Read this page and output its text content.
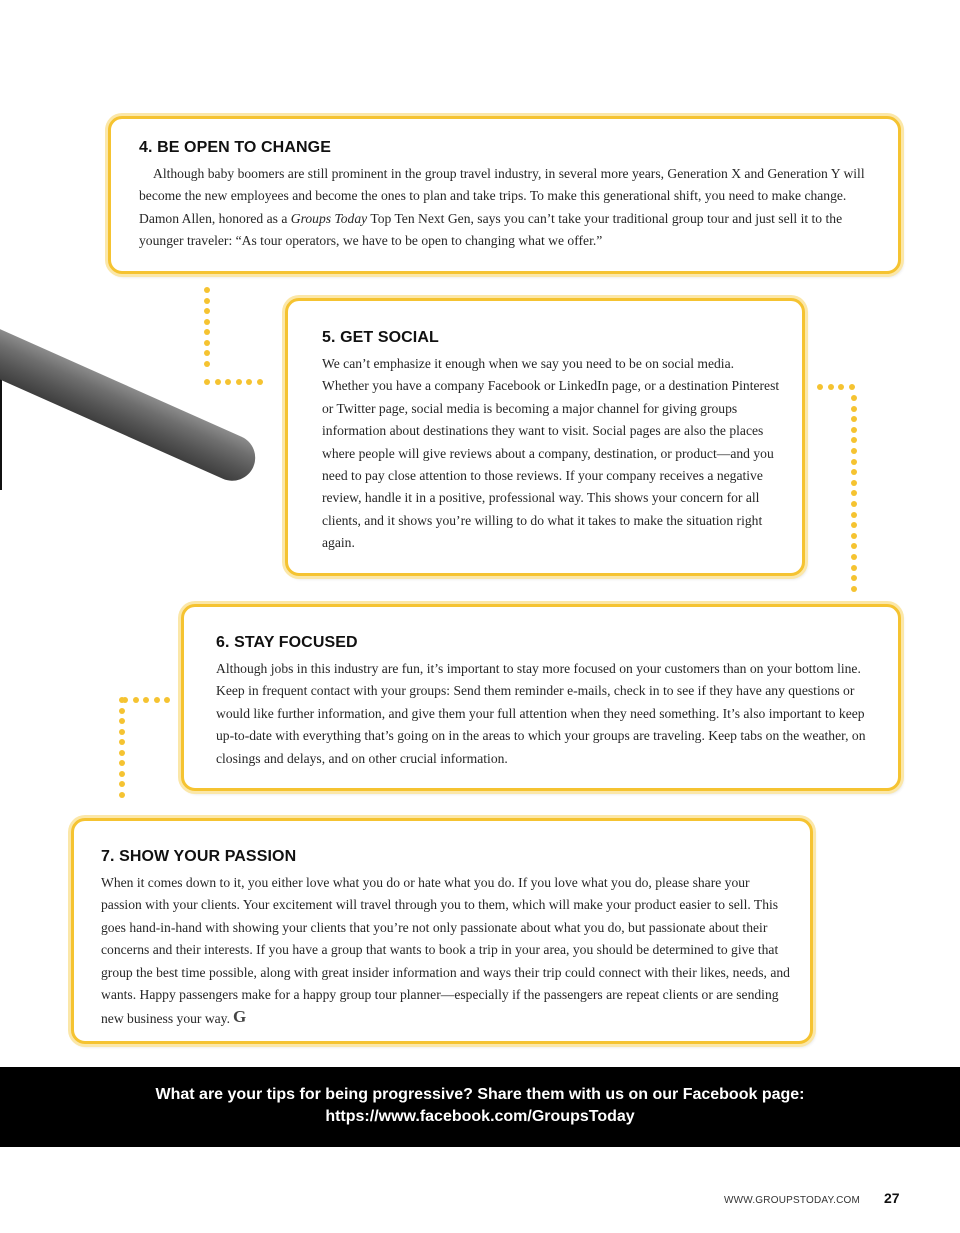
4. BE OPEN TO CHANGE

Although baby boomers are still prominent in the group travel industry, in several more years, Generation X and Generation Y will become the new employees and become the ones to plan and take trips. To make this generational shift, you need to make change. Damon Allen, honored as a Groups Today Top Ten Next Gen, says you can’t take your traditional group tour and just sell it to the younger traveler: “As tour operators, we have to be open to changing what we offer.”

5. GET SOCIAL

We can’t emphasize it enough when we say you need to be on social media. Whether you have a company Facebook or LinkedIn page, or a destination Pinterest or Twitter page, social media is becoming a major channel for giving groups information about destinations they want to visit. Social pages are also the places where people will give reviews about a company, destination, or product—and you need to pay close attention to those reviews. If your company receives a negative review, handle it in a positive, professional way. This shows your concern for all clients, and it shows you’re willing to do what it takes to make the situation right again.

6. STAY FOCUSED

Although jobs in this industry are fun, it’s important to stay more focused on your customers than on your bottom line. Keep in frequent contact with your groups: Send them reminder e-mails, check in to see if they have any questions or would like further information, and give them your full attention when they need something. It’s also important to keep up-to-date with everything that’s going on in the areas to which your groups are traveling. Keep tabs on the weather, on closings and delays, and on other crucial information.

7. SHOW YOUR PASSION

When it comes down to it, you either love what you do or hate what you do. If you love what you do, please share your passion with your clients. Your excitement will travel through you to them, which will make your product easier to sell. This goes hand-in-hand with showing your clients that you’re not only passionate about what you do, but passionate about their concerns and their interests. If you have a group that wants to book a trip in your area, you should be determined to give that group the best time possible, along with great insider information and ways their trip could connect with their likes, needs, and wants. Happy passengers make for a happy group tour planner—especially if the passengers are repeat clients or are sending new business your way. G

What are your tips for being progressive? Share them with us on our Facebook page:
https://www.facebook.com/GroupsToday
WWW.GROUPSTODAY.COM 27
